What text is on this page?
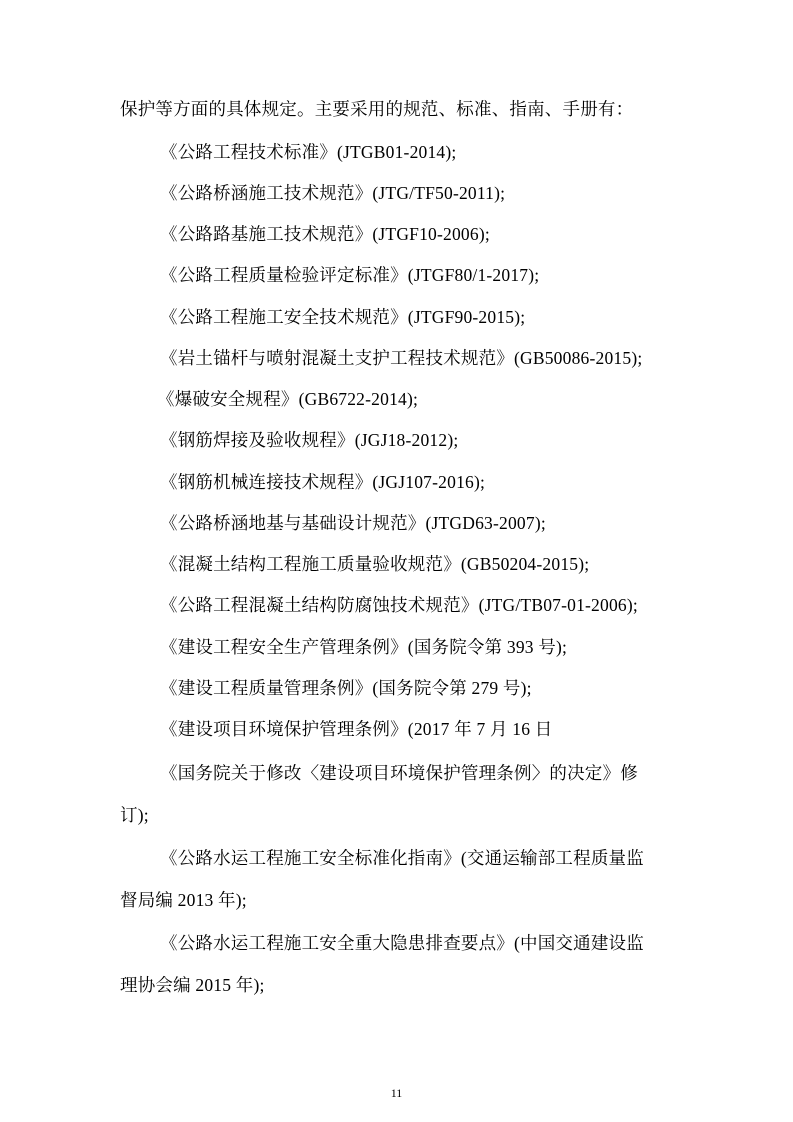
保护等方面的具体规定。主要采用的规范、标准、指南、手册有：
《公路工程技术标准》(JTGB01-2014);
《公路桥涵施工技术规范》(JTG/TF50-2011);
《公路路基施工技术规范》(JTGF10-2006);
《公路工程质量检验评定标准》(JTGF80/1-2017);
《公路工程施工安全技术规范》(JTGF90-2015);
《岩土锚杆与喷射混凝土支护工程技术规范》(GB50086-2015);
《爆破安全规程》(GB6722-2014);
《钢筋焊接及验收规程》(JGJ18-2012);
《钢筋机械连接技术规程》(JGJ107-2016);
《公路桥涵地基与基础设计规范》(JTGD63-2007);
《混凝土结构工程施工质量验收规范》(GB50204-2015);
《公路工程混凝土结构防腐蚀技术规范》(JTG/TB07-01-2006);
《建设工程安全生产管理条例》(国务院令第 393 号);
《建设工程质量管理条例》(国务院令第 279 号);
《建设项目环境保护管理条例》(2017 年 7 月 16 日
《国务院关于修改〈建设项目环境保护管理条例〉的决定》修
订);
《公路水运工程施工安全标准化指南》(交通运输部工程质量监
督局编 2013 年);
《公路水运工程施工安全重大隐患排查要点》(中国交通建设监
理协会编 2015 年);
11
